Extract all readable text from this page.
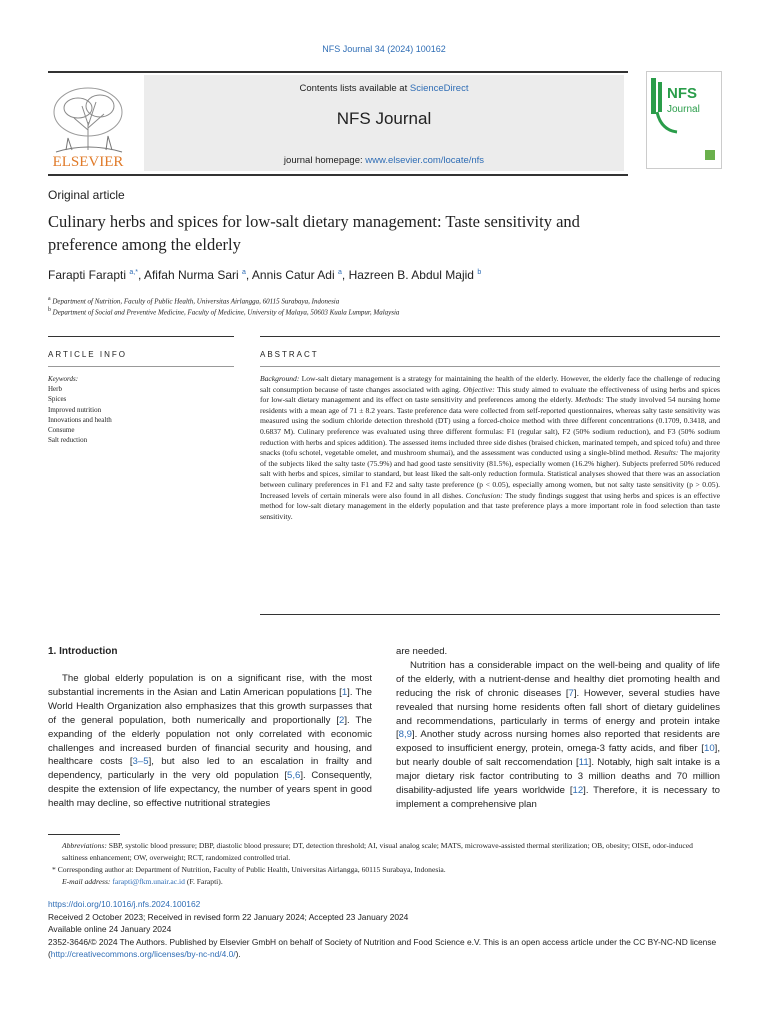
NFS Journal 34 (2024) 100162
ELSEVIER
Contents lists available at ScienceDirect
NFS Journal
journal homepage: www.elsevier.com/locate/nfs
NFS
Journal
Original article
Culinary herbs and spices for low-salt dietary management: Taste sensitivity and preference among the elderly
Farapti Farapti $^{a,*}$, Afifah Nurma Sari $^a$, Annis Catur Adi $^a$, Hazreen B. Abdul Majid $^b$
$^a$ Department of Nutrition, Faculty of Public Health, Universitas Airlangga, 60115 Surabaya, Indonesia
$^b$ Department of Social and Preventive Medicine, Faculty of Medicine, University of Malaya, 50603 Kuala Lumpur, Malaysia
ARTICLE INFO	ABSTRACT
Keywords:
Herb
Spices
Improved nutrition
Innovations and health
Consume
Salt reduction
Background: Low-salt dietary management is a strategy for maintaining the health of the elderly. However, the elderly face the challenge of reducing salt consumption because of taste changes associated with aging. Objective: This study aimed to evaluate the effectiveness of using herbs and spices for low-salt dietary management and its effect on taste sensitivity and preferences among the elderly. Methods: The study involved 54 nursing home residents with a mean age of 71 ± 8.2 years. Taste preference data were collected from self-reported questionnaires, whereas salty taste sensitivity was measured using the sodium chloride detection threshold (DT) using a forced-choice method with three different concentrations (0.1709, 0.3418, and 0.6837 M). Culinary preference was evaluated using three different formulas: F1 (regular salt), F2 (50% sodium reduction), and F3 (50% sodium reduction with herbs and spices addition). The assessed items included three side dishes (braised chicken, marinated tempeh, and spiced tofu) and three snacks (tofu schotel, vegetable omelet, and mushroom shumai), and the assessment was conducted using a single-blind method. Results: The majority of the subjects liked the salty taste (75.9%) and had good taste sensitivity (81.5%), especially women (16.2% higher). Subjects preferred 50% reduced salt with herbs and spices, similar to standard, but least liked the salt-only reduction formula. Statistical analyses showed that there was an association between culinary preferences in F1 and F2 and salty taste preference (p < 0.05), especially among women, but not salty taste sensitivity (p > 0.05). Increased levels of certain minerals were also found in all dishes. Conclusion: The study findings suggest that using herbs and spices is an effective method for low-salt dietary management in the elderly population and that taste preference plays a more important role in food selection than taste sensitivity.
1. Introduction

The global elderly population is on a significant rise, with the most substantial increments in the Asian and Latin American populations [1]. The World Health Organization also emphasizes that this growth surpasses that of the general population, both numerically and proportionally [2]. The expanding of the elderly population not only correlated with economic challenges and increased burden of financial security and housing, and healthcare costs [3–5], but also led to an escalation in frailty and dependency, particularly in the very old population [5,6]. Consequently, despite the extension of life expectancy, the number of years spent in good health may decline, so effective nutritional strategies

are needed.

Nutrition has a considerable impact on the well-being and quality of life of the elderly, with a nutrient-dense and healthy diet promoting health and reducing the risk of chronic diseases [7]. However, several studies have revealed that nursing home residents often fall short of dietary guidelines and recommendations, particularly in terms of energy and protein intake [8,9]. Another study across nursing homes also reported that residents are exposed to insufficient energy, protein, omega-3 fatty acids, and fiber [10], but nearly double of salt reccomendation [11]. Notably, high salt intake is a major dietary risk factor contributing to 3 million deaths and 70 million disability-adjusted life years worldwide [12]. Therefore, it is necessary to implement a comprehensive plan

Abbreviations: SBP, systolic blood pressure; DBP, diastolic blood pressure; DT, detection threshold; AI, visual analog scale; MATS, microwave-assisted thermal sterilization; OB, obesity; OISE, odor-induced saltiness enhancement; OW, overweight; RCT, randomized controlled trial.
* Corresponding author at: Department of Nutrition, Faculty of Public Health, Universitas Airlangga, 60115 Surabaya, Indonesia.
E-mail address: farapti@fkm.unair.ac.id (F. Farapti).
https://doi.org/10.1016/j.nfs.2024.100162
Received 2 October 2023; Received in revised form 22 January 2024; Accepted 23 January 2024
Available online 24 January 2024
2352-3646/© 2024 The Authors. Published by Elsevier GmbH on behalf of Society of Nutrition and Food Science e.V. This is an open access article under the CC BY-NC-ND license (http://creativecommons.org/licenses/by-nc-nd/4.0/).
